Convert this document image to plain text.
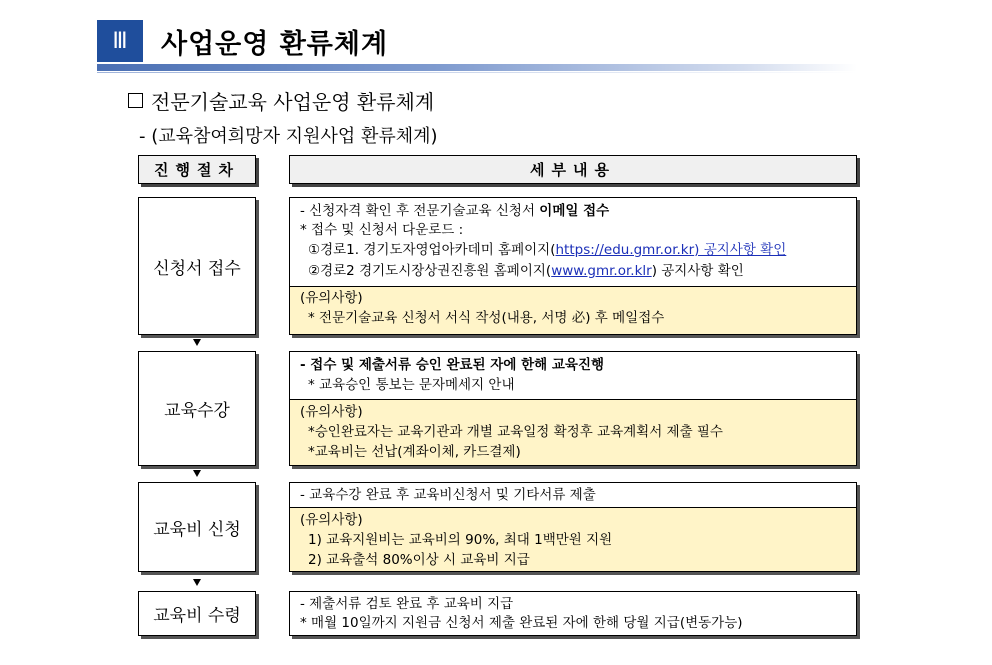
Ⅲ	사업운영 환류체계
전문기술교육 사업운영 환류체계
- (교육참여희망자 지원사업 환류체계)
진행절차	세부내용
신청서 접수
- 신청자격 확인 후 전문기술교육 신청서 이메일 접수
* 접수 및 신청서 다운로드 :
①경로1. 경기도자영업아카데미 홈페이지(https://edu.gmr.or.kr) 공지사항 확인
②경로2 경기도시장상권진흥원 홈페이지(www.gmr.or.klr) 공지사항 확인
(유의사항)
* 전문기술교육 신청서 서식 작성(내용, 서명 必) 후 메일접수
교육수강
- 접수 및 제출서류 승인 완료된 자에 한해 교육진행
* 교육승인 통보는 문자메세지 안내
(유의사항)
*승인완료자는 교육기관과 개별 교육일정 확정후 교육계획서 제출 필수
*교육비는 선납(계좌이체, 카드결제)
교육비 신청
- 교육수강 완료 후 교육비신청서 및 기타서류 제출
(유의사항)
1) 교육지원비는 교육비의 90%, 최대 1백만원 지원
2) 교육출석 80%이상 시 교육비 지급
교육비 수령
- 제출서류 검토 완료 후 교육비 지급
* 매월 10일까지 지원금 신청서 제출 완료된 자에 한해 당월 지급(변동가능)
